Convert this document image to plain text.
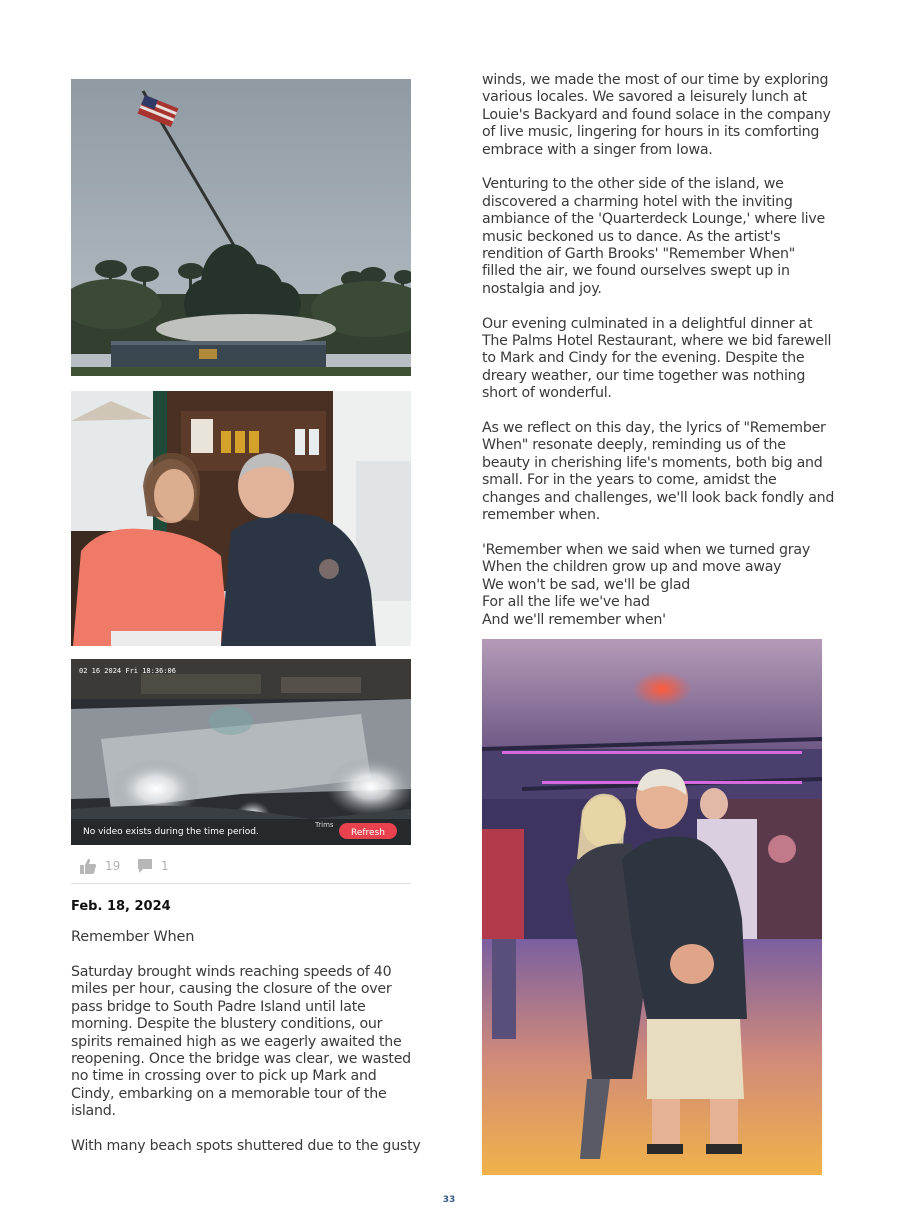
02 16 2024 Fri 18:36:06
No video exists during the time period.
Trims
Refresh
19	1
Feb. 18, 2024
Remember When

Saturday brought winds reaching speeds of 40
miles per hour, causing the closure of the over
pass bridge to South Padre Island until late
morning. Despite the blustery conditions, our
spirits remained high as we eagerly awaited the
reopening. Once the bridge was clear, we wasted
no time in crossing over to pick up Mark and
Cindy, embarking on a memorable tour of the
island.

With many beach spots shuttered due to the gusty

winds, we made the most of our time by exploring
various locales. We savored a leisurely lunch at
Louie's Backyard and found solace in the company
of live music, lingering for hours in its comforting
embrace with a singer from Iowa.

Venturing to the other side of the island, we
discovered a charming hotel with the inviting
ambiance of the 'Quarterdeck Lounge,' where live
music beckoned us to dance. As the artist's
rendition of Garth Brooks' "Remember When"
filled the air, we found ourselves swept up in
nostalgia and joy.

Our evening culminated in a delightful dinner at
The Palms Hotel Restaurant, where we bid farewell
to Mark and Cindy for the evening. Despite the
dreary weather, our time together was nothing
short of wonderful.

As we reflect on this day, the lyrics of "Remember
When" resonate deeply, reminding us of the
beauty in cherishing life's moments, both big and
small. For in the years to come, amidst the
changes and challenges, we'll look back fondly and
remember when.

'Remember when we said when we turned gray
When the children grow up and move away
We won't be sad, we'll be glad
For all the life we've had
And we'll remember when'
33
